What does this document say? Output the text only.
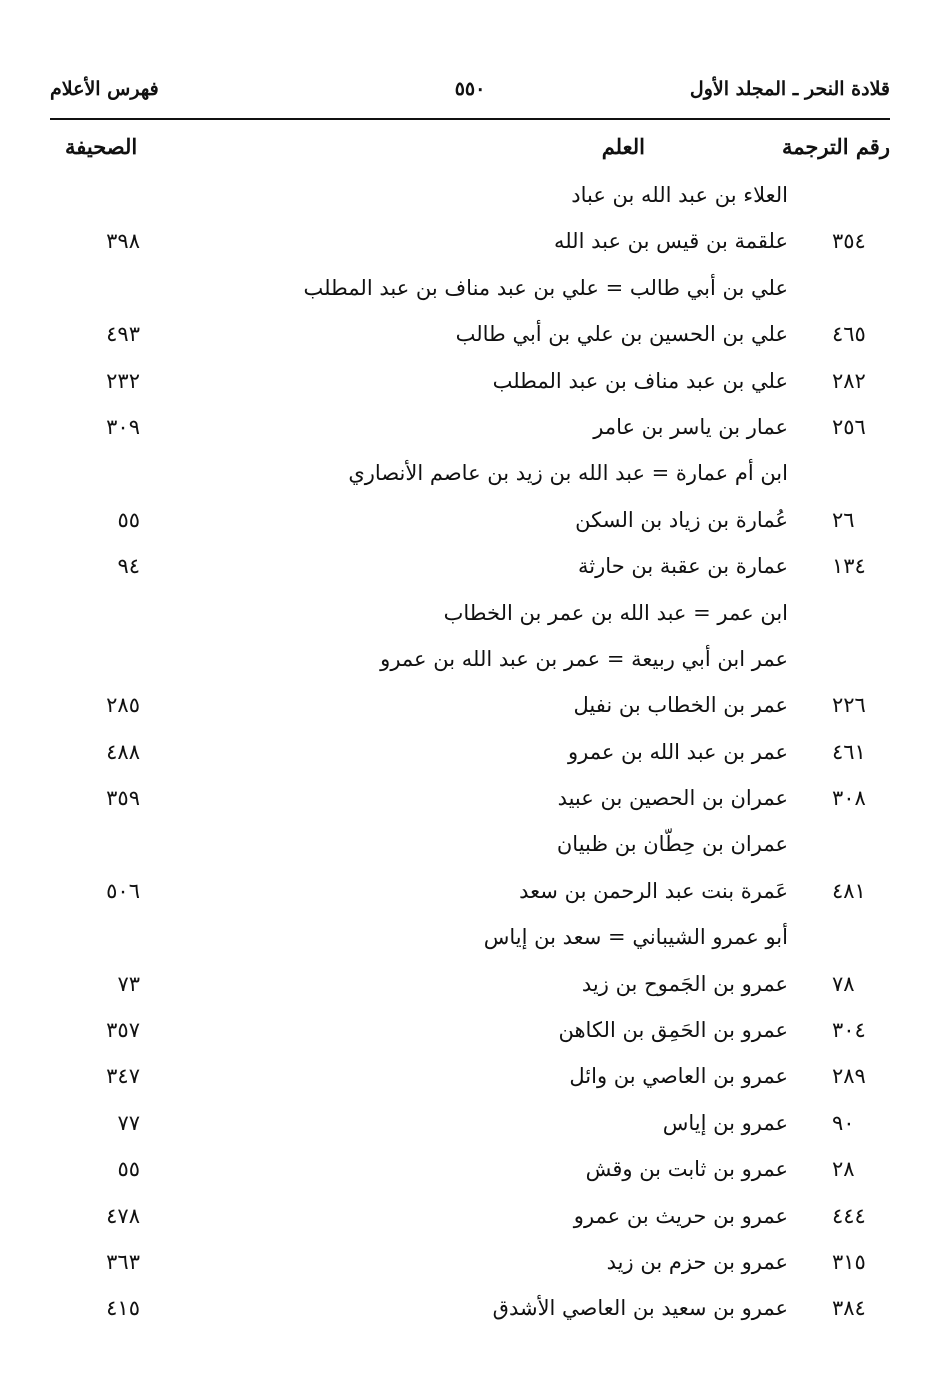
قلادة النحر ـ المجلد الأول
٥٥٠
فهرس الأعلام
رقم الترجمة
العلم
الصحيفة
العلاء بن عبد الله بن عباد
٣٥٤
علقمة بن قيس بن عبد الله
٣٩٨
علي بن أبي طالب = علي بن عبد مناف بن عبد المطلب
٤٦٥
علي بن الحسين بن علي بن أبي طالب
٤٩٣
٢٨٢
علي بن عبد مناف بن عبد المطلب
٢٣٢
٢٥٦
عمار بن ياسر بن عامر
٣٠٩
ابن أم عمارة = عبد الله بن زيد بن عاصم الأنصاري
٢٦
عُمارة بن زياد بن السكن
٥٥
١٣٤
عمارة بن عقبة بن حارثة
٩٤
ابن عمر = عبد الله بن عمر بن الخطاب
عمر ابن أبي ربيعة = عمر بن عبد الله بن عمرو
٢٢٦
عمر بن الخطاب بن نفيل
٢٨٥
٤٦١
عمر بن عبد الله بن عمرو
٤٨٨
٣٠٨
عمران بن الحصين بن عبيد
٣٥٩
عمران بن حِطّان بن ظبيان
٤٨١
عَمرة بنت عبد الرحمن بن سعد
٥٠٦
أبو عمرو الشيباني = سعد بن إياس
٧٨
عمرو بن الجَموح بن زيد
٧٣
٣٠٤
عمرو بن الحَمِق بن الكاهن
٣٥٧
٢٨٩
عمرو بن العاصي بن وائل
٣٤٧
٩٠
عمرو بن إياس
٧٧
٢٨
عمرو بن ثابت بن وقش
٥٥
٤٤٤
عمرو بن حريث بن عمرو
٤٧٨
٣١٥
عمرو بن حزم بن زيد
٣٦٣
٣٨٤
عمرو بن سعيد بن العاصي الأشدق
٤١٥
